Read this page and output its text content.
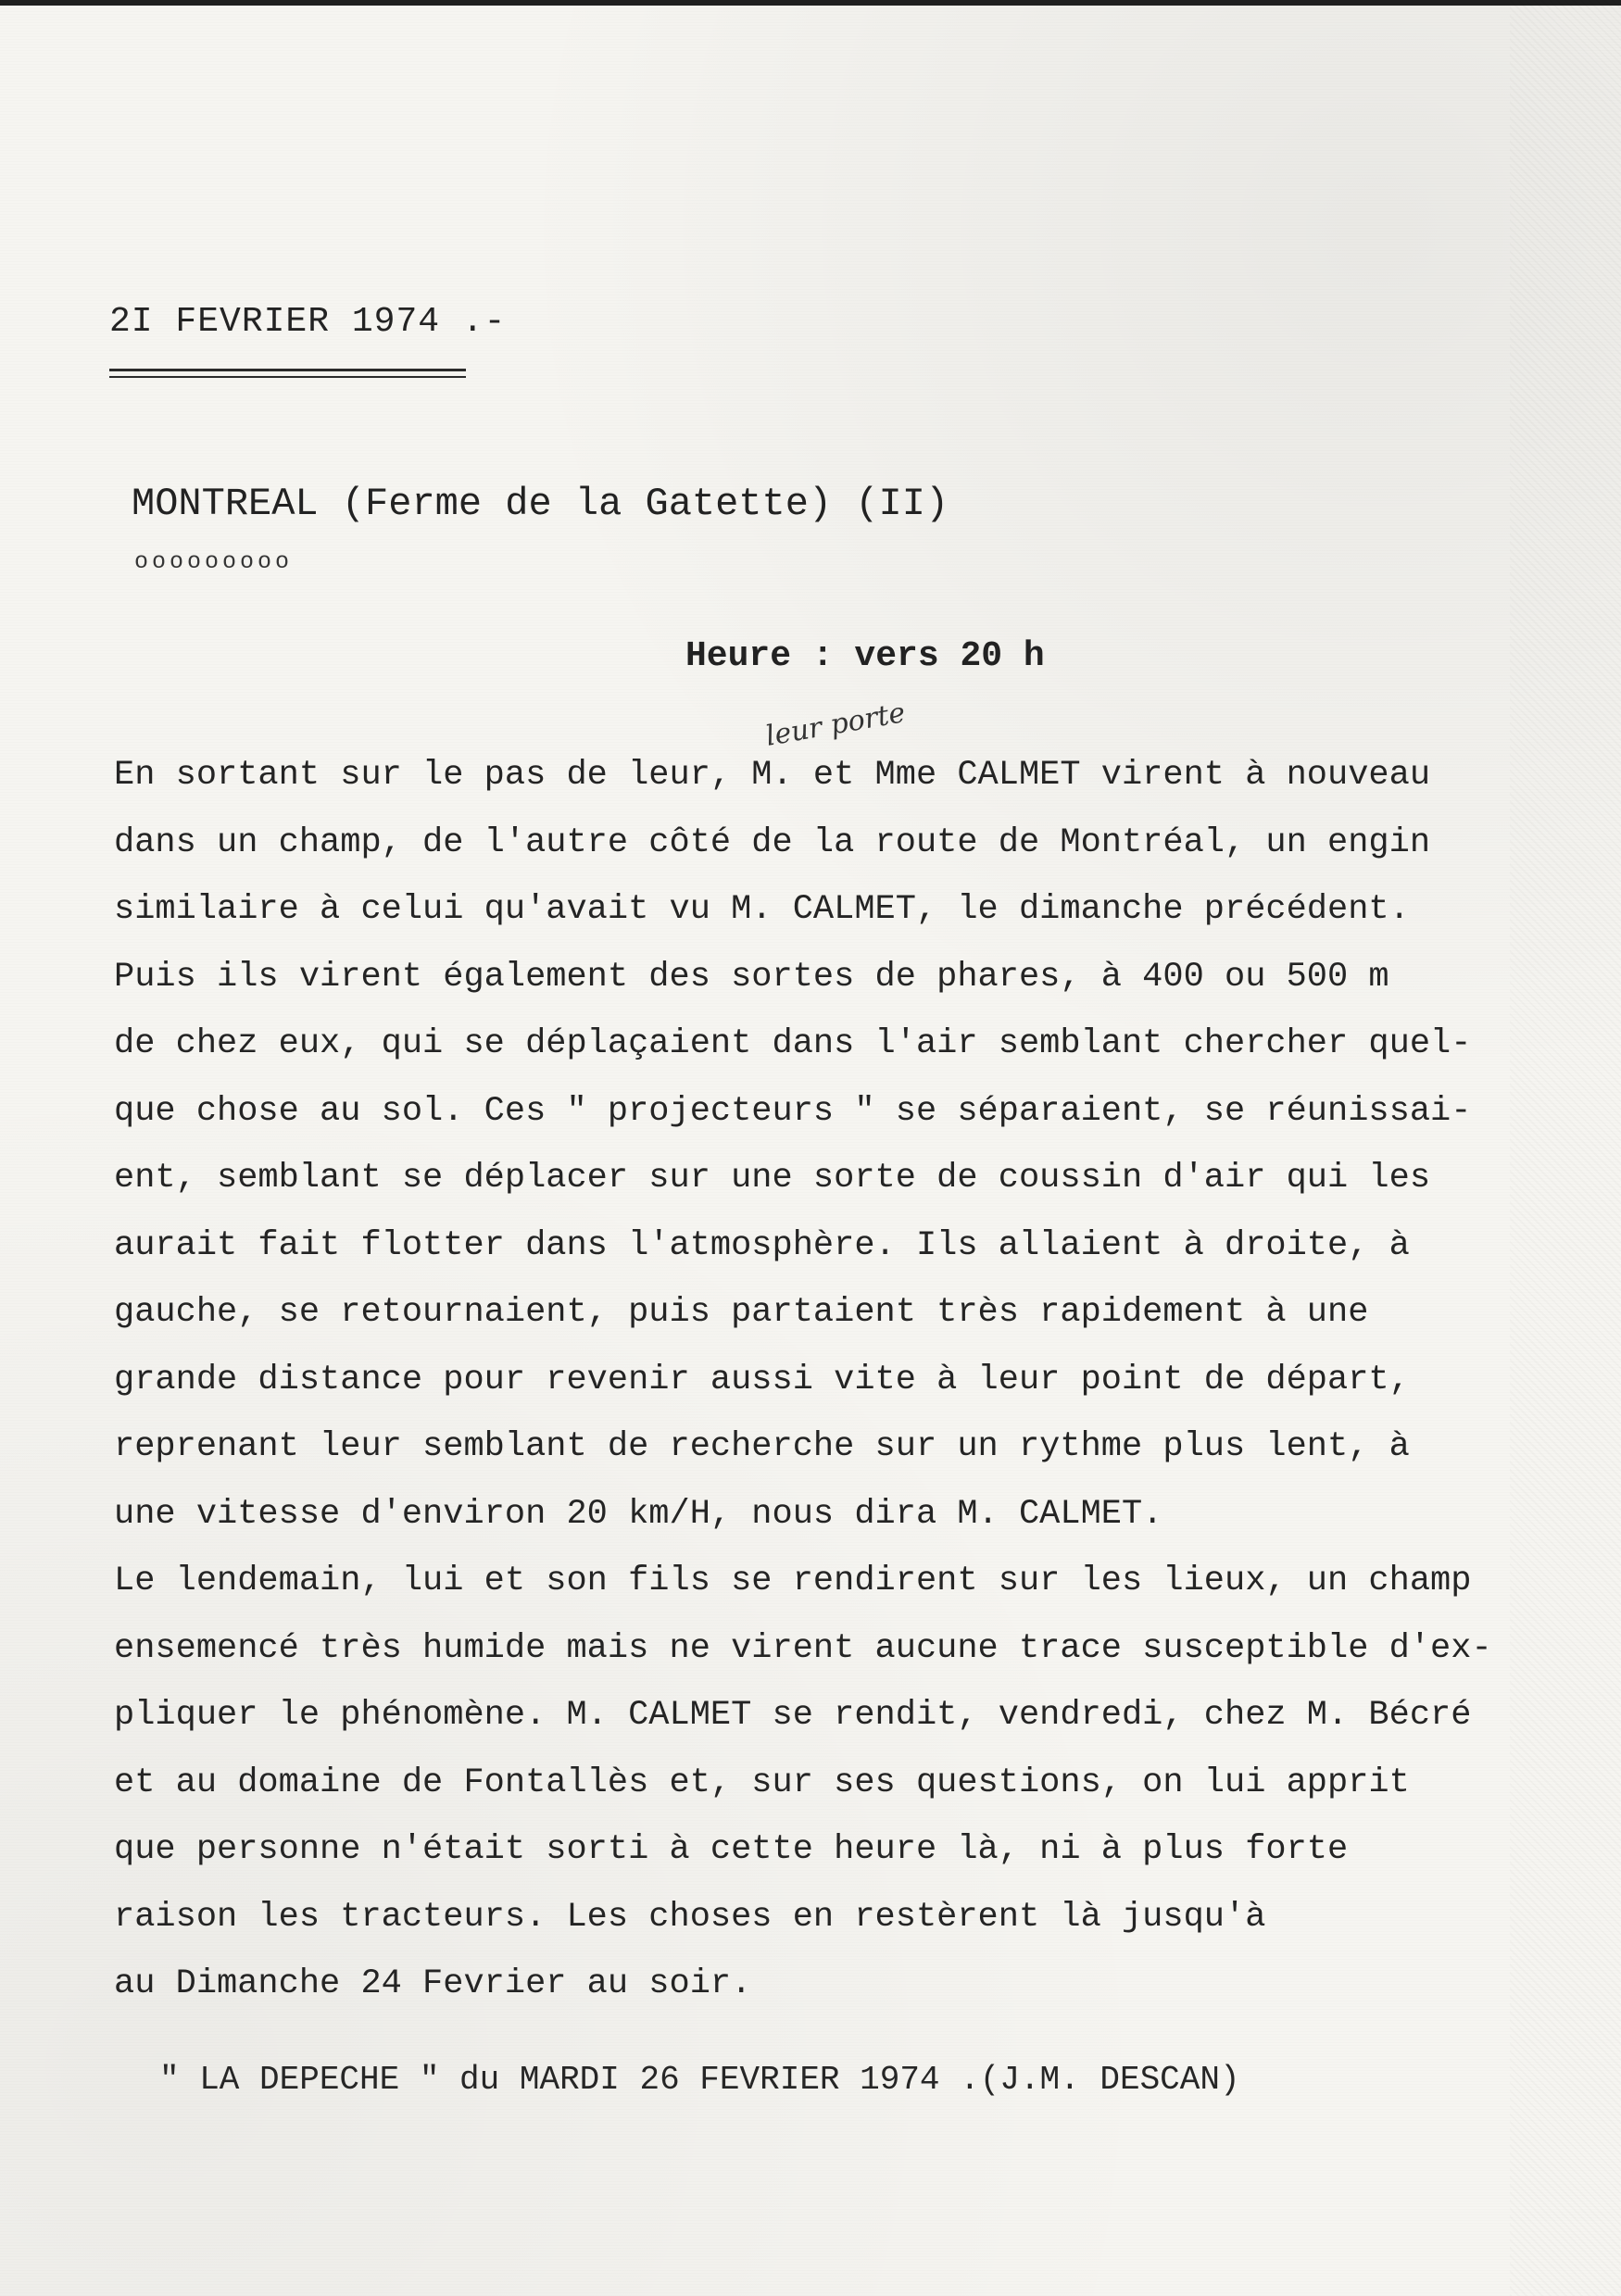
2I FEVRIER 1974 .-
MONTREAL (Ferme de la Gatette) (II)
ooooooooo
Heure : vers 20 h
leur porte
En sortant sur le pas de leur, M. et Mme CALMET virent à nouveau
dans un champ, de l'autre côté de la route de Montréal, un engin
similaire à celui qu'avait vu M. CALMET, le dimanche précédent.
Puis ils virent également des sortes de phares, à 400 ou 500 m
de chez eux, qui se déplaçaient dans l'air semblant chercher quel-
que chose au sol. Ces " projecteurs " se séparaient, se réunissai-
ent, semblant se déplacer sur une sorte de coussin d'air qui les
aurait fait flotter dans l'atmosphère. Ils allaient à droite, à
gauche, se retournaient, puis partaient très rapidement à une
grande distance pour revenir aussi vite à leur point de départ,
reprenant leur semblant de recherche sur un rythme plus lent, à
une vitesse d'environ 20 km/H, nous dira M. CALMET.
Le lendemain, lui et son fils se rendirent sur les lieux, un champ
ensemencé très humide mais ne virent aucune trace susceptible d'ex-
pliquer le phénomène. M. CALMET se rendit, vendredi, chez M. Bécré
et au domaine de Fontallès et, sur ses questions, on lui apprit
que personne n'était sorti à cette heure là, ni à plus forte
raison les tracteurs. Les choses en restèrent là jusqu'à
au Dimanche 24 Fevrier au soir.
" LA DEPECHE " du MARDI 26 FEVRIER 1974 .(J.M. DESCAN)
